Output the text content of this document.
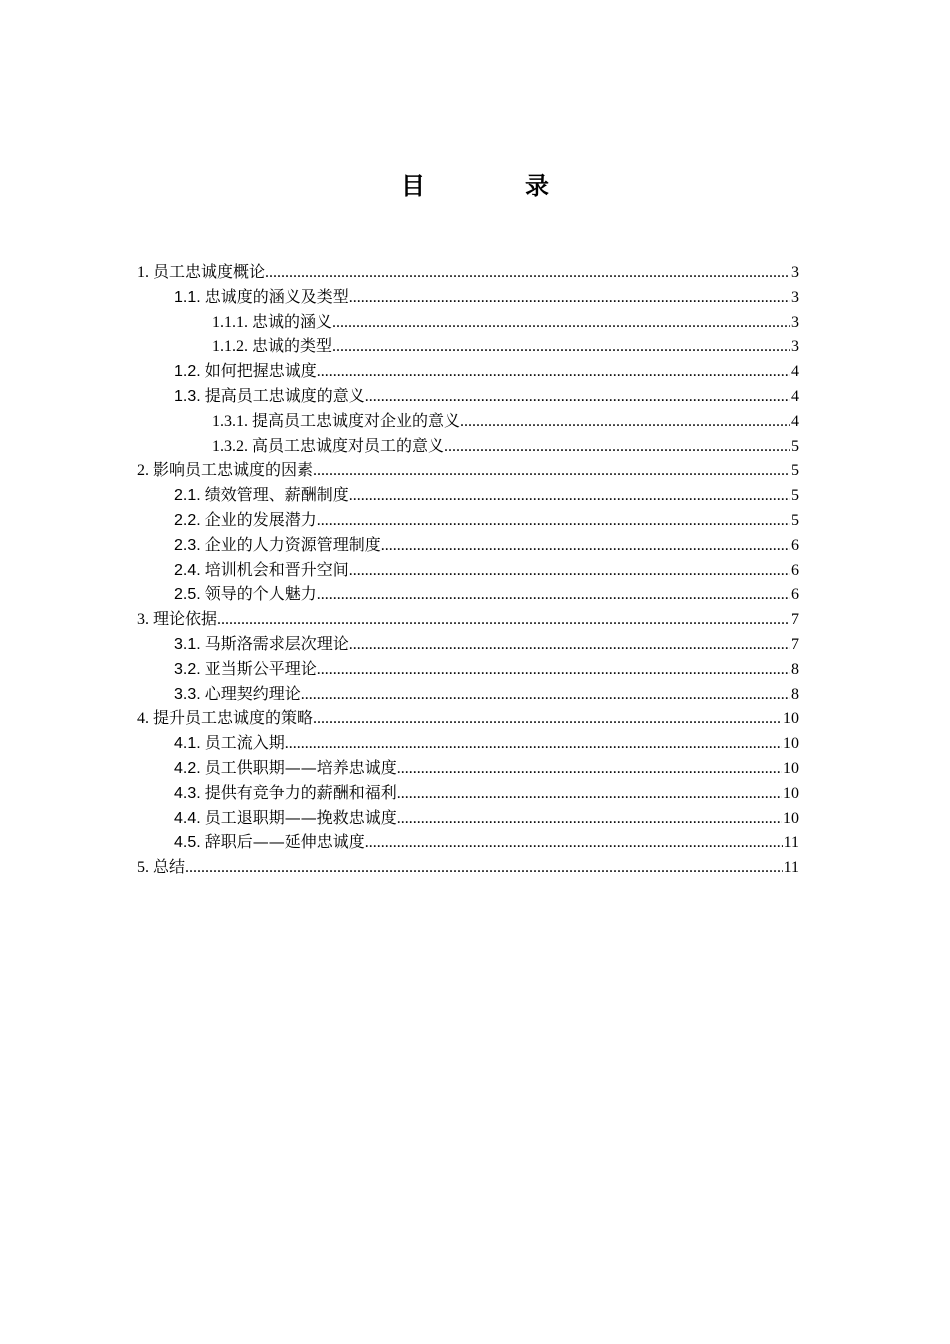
目　录
1. 员工忠诚度概论 .....	3
1.1. 忠诚度的涵义及类型 .....	3
1.1.1. 忠诚的涵义 .....	3
1.1.2. 忠诚的类型 .....	3
1.2. 如何把握忠诚度 .....	4
1.3. 提高员工忠诚度的意义 .....	4
1.3.1. 提高员工忠诚度对企业的意义 .....	4
1.3.2. 高员工忠诚度对员工的意义 .....	5
2. 影响员工忠诚度的因素 .....	5
2.1. 绩效管理、薪酬制度 .....	5
2.2. 企业的发展潜力 .....	5
2.3. 企业的人力资源管理制度 .....	6
2.4. 培训机会和晋升空间 .....	6
2.5. 领导的个人魅力 .....	6
3. 理论依据 .....	7
3.1. 马斯洛需求层次理论 .....	7
3.2. 亚当斯公平理论 .....	8
3.3. 心理契约理论 .....	8
4. 提升员工忠诚度的策略 .....	10
4.1. 员工流入期 .....	10
4.2. 员工供职期——培养忠诚度 .....	10
4.3. 提供有竞争力的薪酬和福利 .....	10
4.4. 员工退职期——挽救忠诚度 .....	10
4.5. 辞职后——延伸忠诚度 .....	11
5. 总结 .....	11
